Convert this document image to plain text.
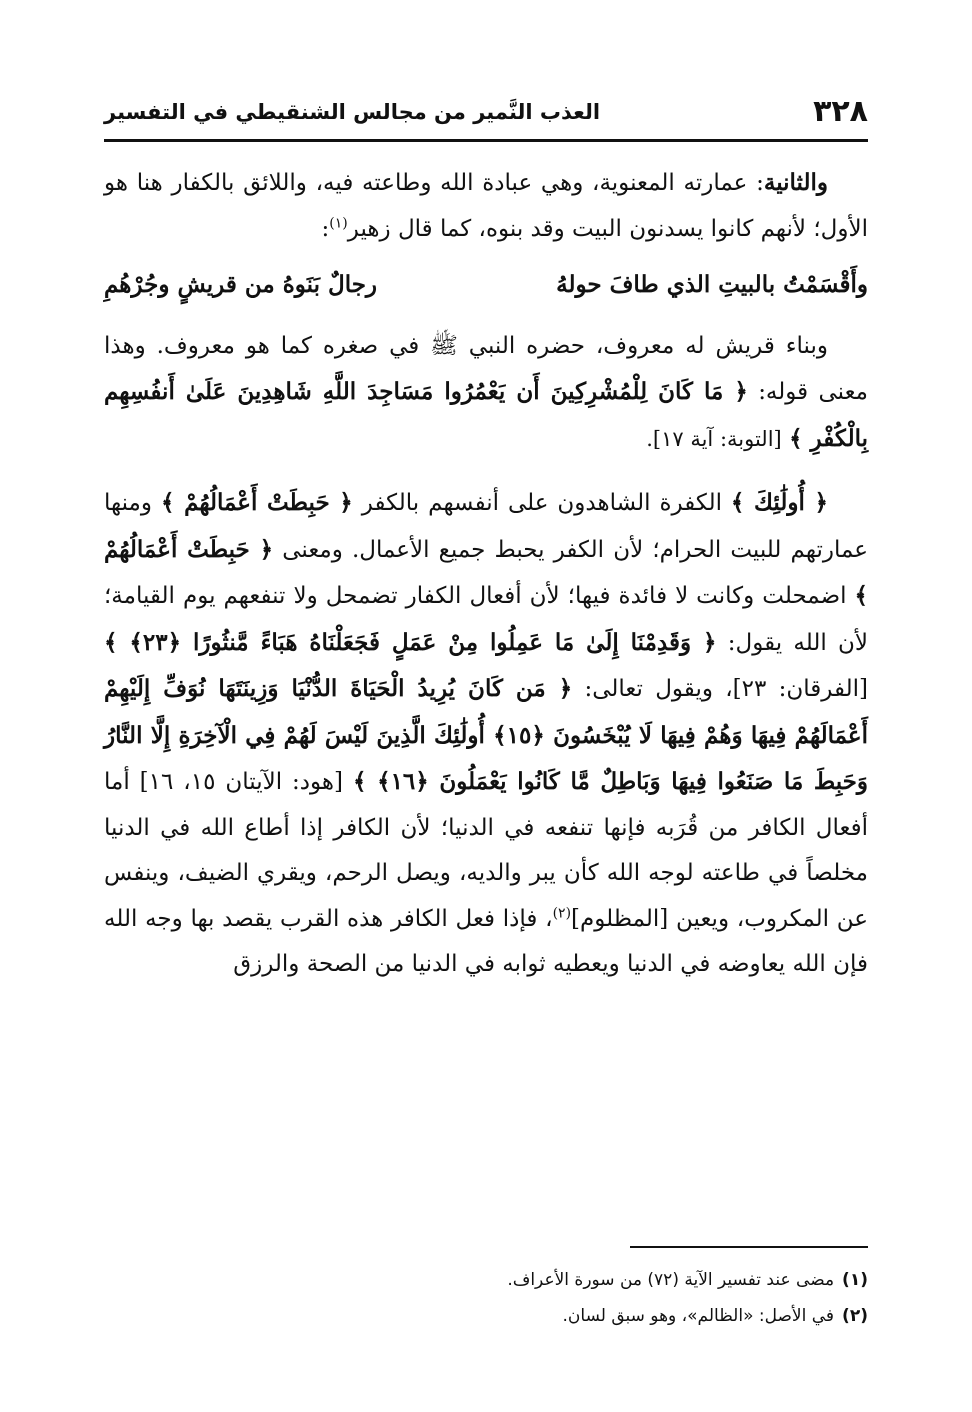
٣٢٨
العذب النَّمير من مجالس الشنقيطي في التفسير

والثانية: عمارته المعنوية، وهي عبادة الله وطاعته فيه، واللائق بالكفار هنا هو الأول؛ لأنهم كانوا يسدنون البيت وقد بنوه، كما قال زهير$^{(١)}$:

وأَقْسَمْتُ بالبيتِ الذي طافَ حولهُ
رجالٌ بَنَوهُ من قريشٍ وجُرْهُمِ

وبناء قريش له معروف، حضره النبي ﷺ في صغره كما هو معروف. وهذا معنى قوله: ﴿ مَا كَانَ لِلْمُشْرِكِينَ أَن يَعْمُرُوا مَسَاجِدَ اللَّهِ شَاهِدِينَ عَلَىٰ أَنفُسِهِم بِالْكُفْرِ ﴾ [التوبة: آية ١٧].

﴿ أُولَٰئِكَ ﴾ الكفرة الشاهدون على أنفسهم بالكفر ﴿ حَبِطَتْ أَعْمَالُهُمْ ﴾ ومنها عمارتهم للبيت الحرام؛ لأن الكفر يحبط جميع الأعمال. ومعنى ﴿ حَبِطَتْ أَعْمَالُهُمْ ﴾ اضمحلت وكانت لا فائدة فيها؛ لأن أفعال الكفار تضمحل ولا تنفعهم يوم القيامة؛ لأن الله يقول: ﴿ وَقَدِمْنَا إِلَىٰ مَا عَمِلُوا مِنْ عَمَلٍ فَجَعَلْنَاهُ هَبَاءً مَّنثُورًا ﴿٢٣﴾ ﴾ [الفرقان: ٢٣]، ويقول تعالى: ﴿ مَن كَانَ يُرِيدُ الْحَيَاةَ الدُّنْيَا وَزِينَتَهَا نُوَفِّ إِلَيْهِمْ أَعْمَالَهُمْ فِيهَا وَهُمْ فِيهَا لَا يُبْخَسُونَ ﴿١٥﴾ أُولَٰئِكَ الَّذِينَ لَيْسَ لَهُمْ فِي الْآخِرَةِ إِلَّا النَّارُ وَحَبِطَ مَا صَنَعُوا فِيهَا وَبَاطِلٌ مَّا كَانُوا يَعْمَلُونَ ﴿١٦﴾ ﴾ [هود: الآيتان ١٥، ١٦] أما أفعال الكافر من قُرَبه فإنها تنفعه في الدنيا؛ لأن الكافر إذا أطاع الله في الدنيا مخلصاً في طاعته لوجه الله كأن يبر والديه، ويصل الرحم، ويقري الضيف، وينفس عن المكروب، ويعين [المظلوم]$^{(٢)}$، فإذا فعل الكافر هذه القرب يقصد بها وجه الله فإن الله يعاوضه في الدنيا ويعطيه ثوابه في الدنيا من الصحة والرزق

(١)مضى عند تفسير الآية (٧٢) من سورة الأعراف.

(٢)في الأصل: «الظالم»، وهو سبق لسان.
